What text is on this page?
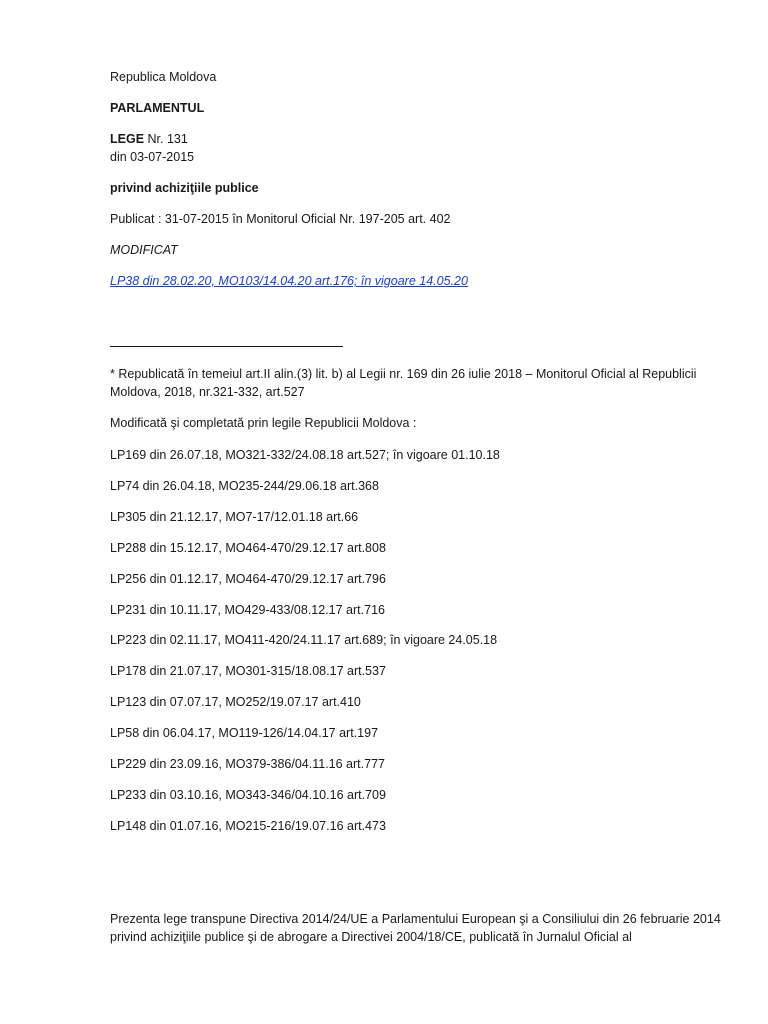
Republica Moldova
PARLAMENTUL
LEGE Nr. 131
din 03-07-2015
privind achiziţiile publice
Publicat : 31-07-2015 în Monitorul Oficial Nr. 197-205 art. 402
MODIFICAT
LP38 din 28.02.20, MO103/14.04.20 art.176; în vigoare 14.05.20
* Republicată în temeiul art.II alin.(3) lit. b) al Legii nr. 169 din 26 iulie 2018 – Monitorul Oficial al Republicii Moldova, 2018, nr.321-332, art.527
Modificată şi completată prin legile Republicii Moldova :
LP169 din 26.07.18, MO321-332/24.08.18 art.527; în vigoare 01.10.18
LP74 din 26.04.18, MO235-244/29.06.18 art.368
LP305 din 21.12.17, MO7-17/12.01.18 art.66
LP288 din 15.12.17, MO464-470/29.12.17 art.808
LP256 din 01.12.17, MO464-470/29.12.17 art.796
LP231 din 10.11.17, MO429-433/08.12.17 art.716
LP223 din 02.11.17, MO411-420/24.11.17 art.689; în vigoare 24.05.18
LP178 din 21.07.17, MO301-315/18.08.17 art.537
LP123 din 07.07.17, MO252/19.07.17 art.410
LP58 din 06.04.17, MO119-126/14.04.17 art.197
LP229 din 23.09.16, MO379-386/04.11.16 art.777
LP233 din 03.10.16, MO343-346/04.10.16 art.709
LP148 din 01.07.16, MO215-216/19.07.16 art.473
Prezenta lege transpune Directiva 2014/24/UE a Parlamentului European şi a Consiliului din 26 februarie 2014 privind achiziţiile publice şi de abrogare a Directivei 2004/18/CE, publicată în Jurnalul Oficial al
